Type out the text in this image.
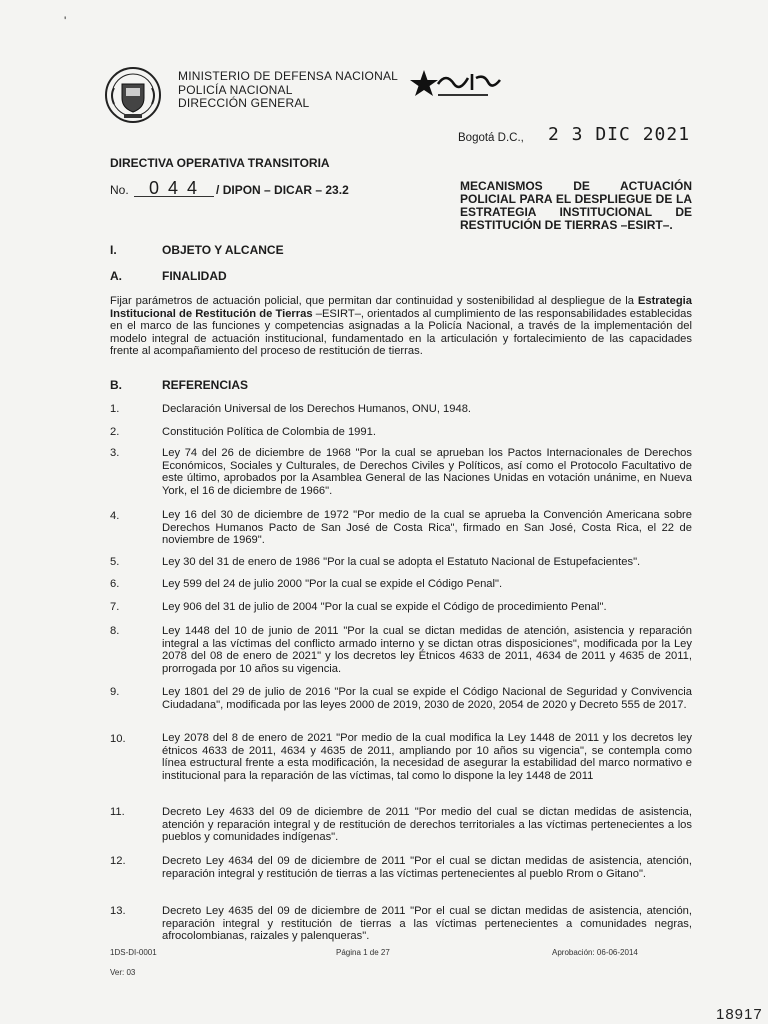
'
MINISTERIO DE DEFENSA NACIONAL
POLICÍA NACIONAL
DIRECCIÓN GENERAL
Bogotá D.C., 2 3 DIC 2021
DIRECTIVA OPERATIVA TRANSITORIA
No. 0 4 4 / DIPON – DICAR – 23.2	MECANISMOS DE ACTUACIÓN POLICIAL PARA EL DESPLIEGUE DE LA ESTRATEGIA INSTITUCIONAL DE RESTITUCIÓN DE TIERRAS –ESIRT–.
I.	OBJETO Y ALCANCE
A.	FINALIDAD
Fijar parámetros de actuación policial, que permitan dar continuidad y sostenibilidad al despliegue de la Estrategia Institucional de Restitución de Tierras –ESIRT–, orientados al cumplimiento de las responsabilidades establecidas en el marco de las funciones y competencias asignadas a la Policía Nacional, a través de la implementación del modelo integral de actuación institucional, fundamentado en la articulación y fortalecimiento de las capacidades frente al acompañamiento del proceso de restitución de tierras.
B.	REFERENCIAS
1.	Declaración Universal de los Derechos Humanos, ONU, 1948.
2.	Constitución Política de Colombia de 1991.
3.	Ley 74 del 26 de diciembre de 1968 "Por la cual se aprueban los Pactos Internacionales de Derechos Económicos, Sociales y Culturales, de Derechos Civiles y Políticos, así como el Protocolo Facultativo de este último, aprobados por la Asamblea General de las Naciones Unidas en votación unánime, en Nueva York, el 16 de diciembre de 1966".
4.	Ley 16 del 30 de diciembre de 1972 "Por medio de la cual se aprueba la Convención Americana sobre Derechos Humanos Pacto de San José de Costa Rica", firmado en San José, Costa Rica, el 22 de noviembre de 1969".
5.	Ley 30 del 31 de enero de 1986 "Por la cual se adopta el Estatuto Nacional de Estupefacientes".
6.	Ley 599 del 24 de julio 2000 "Por la cual se expide el Código Penal".
7.	Ley 906 del 31 de julio de 2004 "Por la cual se expide el Código de procedimiento Penal".
8.	Ley 1448 del 10 de junio de 2011 "Por la cual se dictan medidas de atención, asistencia y reparación integral a las víctimas del conflicto armado interno y se dictan otras disposiciones", modificada por la Ley 2078 del 08 de enero de 2021" y los decretos ley Étnicos 4633 de 2011, 4634 de 2011 y 4635 de 2011, prorrogada por 10 años su vigencia.
9.	Ley 1801 del 29 de julio de 2016 "Por la cual se expide el Código Nacional de Seguridad y Convivencia Ciudadana", modificada por las leyes 2000 de 2019, 2030 de 2020, 2054 de 2020 y Decreto 555 de 2017.
10.	Ley 2078 del 8 de enero de 2021 "Por medio de la cual modifica la Ley 1448 de 2011 y los decretos ley étnicos 4633 de 2011, 4634 y 4635 de 2011, ampliando por 10 años su vigencia", se contempla como línea estructural frente a esta modificación, la necesidad de asegurar la estabilidad del marco normativo e institucional para la reparación de las víctimas, tal como lo dispone la ley 1448 de 2011
11.	Decreto Ley 4633 del 09 de diciembre de 2011 "Por medio del cual se dictan medidas de asistencia, atención y reparación integral y de restitución de derechos territoriales a las víctimas pertenecientes a los pueblos y comunidades indígenas".
12.	Decreto Ley 4634 del 09 de diciembre de 2011 "Por el cual se dictan medidas de asistencia, atención, reparación integral y restitución de tierras a las víctimas pertenecientes al pueblo Rrom o Gitano".
13.	Decreto Ley 4635 del 09 de diciembre de 2011 "Por el cual se dictan medidas de asistencia, atención, reparación integral y restitución de tierras a las víctimas pertenecientes a comunidades negras, afrocolombianas, raizales y palenqueras".
1DS-DI-0001
Ver: 03
Página 1 de 27	Aprobación: 06-06-2014
18917
